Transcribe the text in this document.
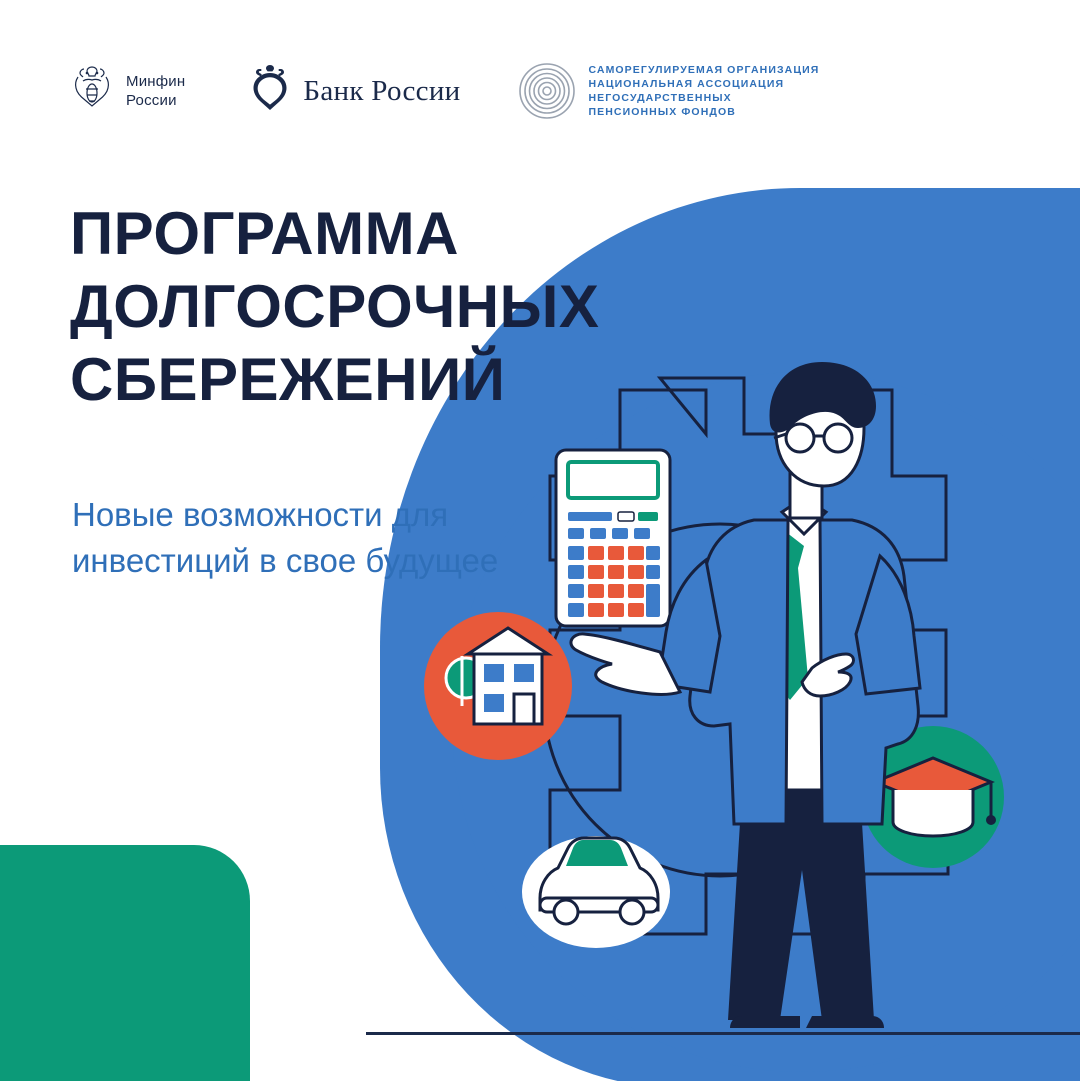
Минфин
России	Банк России
САМОРЕГУЛИРУЕМАЯ ОРГАНИЗАЦИЯ
НАЦИОНАЛЬНАЯ АССОЦИАЦИЯ
НЕГОСУДАРСТВЕННЫХ
ПЕНСИОННЫХ ФОНДОВ
ПРОГРАММА ДОЛГОСРОЧНЫХ СБЕРЕЖЕНИЙ
Новые возможности для инвестиций в свое будущее
